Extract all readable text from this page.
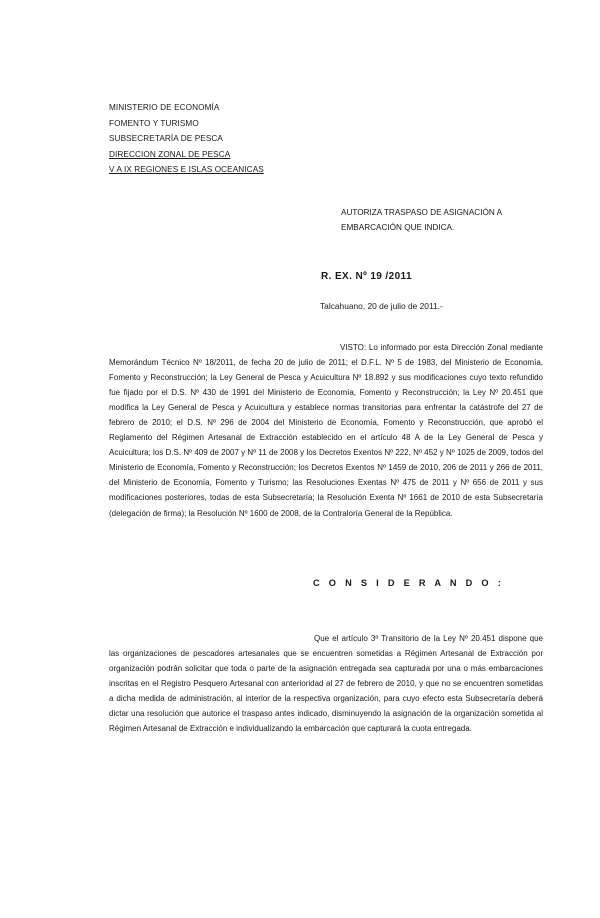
MINISTERIO DE ECONOMÍA
FOMENTO Y TURISMO
SUBSECRETARÍA DE PESCA
DIRECCION ZONAL DE PESCA
V A IX REGIONES E ISLAS OCEANICAS
AUTORIZA TRASPASO DE ASIGNACIÓN A
EMBARCACIÓN QUE INDICA.
R. EX. Nº 19 /2011
Talcahuano, 20 de julio de 2011.-
VISTO: Lo informado por esta Dirección Zonal mediante Memorándum Técnico Nº 18/2011, de fecha 20 de julio de 2011; el D.F.L. Nº 5 de 1983, del Ministerio de Economía, Fomento y Reconstrucción; la Ley General de Pesca y Acuicultura Nº 18.892 y sus modificaciones cuyo texto refundido fue fijado por el D.S. Nº 430 de 1991 del Ministerio de Economía, Fomento y Reconstrucción; la Ley Nº 20.451 que modifica la Ley General de Pesca y Acuicultura y establece normas transitorias para enfrentar la catástrofe del 27 de febrero de 2010; el D.S. Nº 296 de 2004 del Ministerio de Economía, Fomento y Reconstrucción, que aprobó el Reglamento del Régimen Artesanal de Extracción establecido en el artículo 48 A de la Ley General de Pesca y Acuicultura; los D.S. Nº 409 de 2007 y Nº 11 de 2008 y los Decretos Exentos Nº 222, Nº 452 y Nº 1025 de 2009, todos del Ministerio de Economía, Fomento y Reconstrucción; los Decretos Exentos Nº 1459 de 2010, 206 de 2011 y 266 de 2011, del Ministerio de Economía, Fomento y Turismo; las Resoluciones Exentas Nº 475 de 2011 y Nº 656 de 2011 y sus modificaciones posteriores, todas de esta Subsecretaría; la Resolución Exenta Nº 1661 de 2010 de esta Subsecretaría (delegación de firma); la Resolución Nº 1600 de 2008, de la Contraloría General de la República.
C O N S I D E R A N D O :
Que el artículo 3º Transitorio de la Ley Nº 20.451 dispone que las organizaciones de pescadores artesanales que se encuentren sometidas a Régimen Artesanal de Extracción por organización podrán solicitar que toda o parte de la asignación entregada sea capturada por una o más embarcaciones inscritas en el Registro Pesquero Artesanal con anterioridad al 27 de febrero de 2010, y que no se encuentren sometidas a dicha medida de administración, al interior de la respectiva organización, para cuyo efecto esta Subsecretaría deberá dictar una resolución que autorice el traspaso antes indicado, disminuyendo la asignación de la organización sometida al Régimen Artesanal de Extracción e individualizando la embarcación que capturará la cuota entregada.
